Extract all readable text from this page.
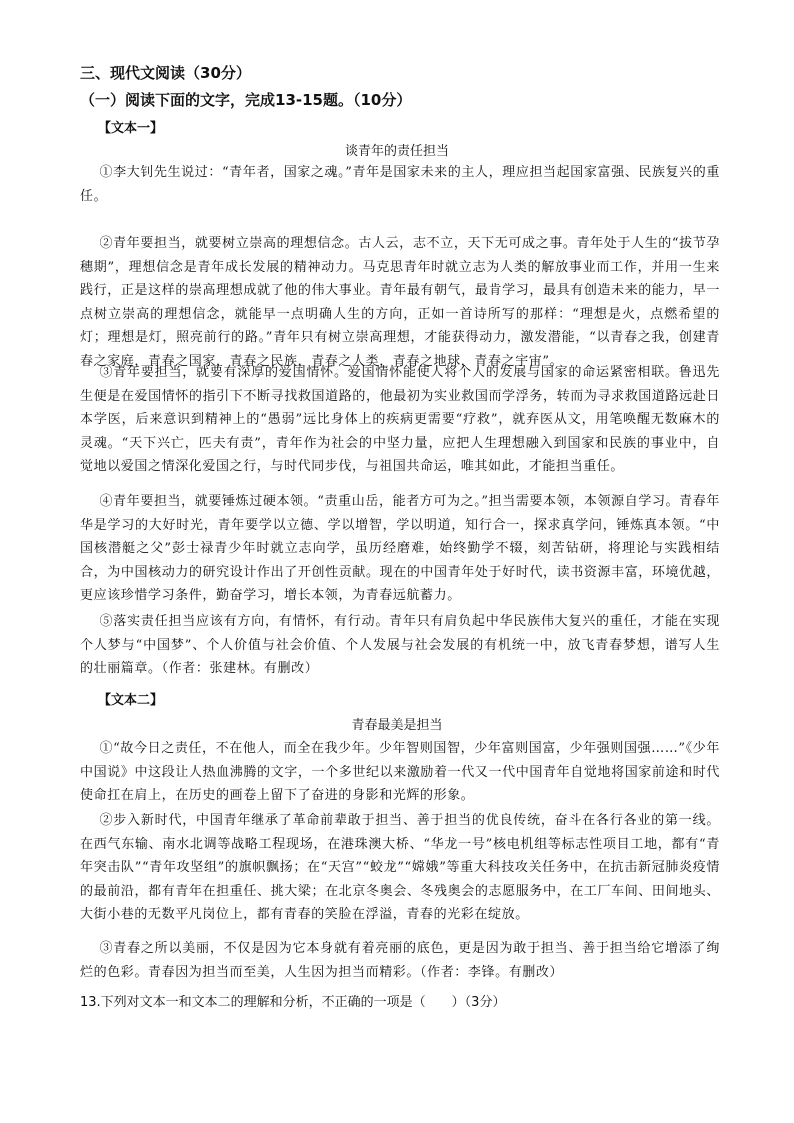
三、现代文阅读（30分）
（一）阅读下面的文字，完成13-15题。（10分）
【文本一】
谈青年的责任担当
①李大钊先生说过：“青年者，国家之魂。”青年是国家未来的主人，理应担当起国家富强、民族复兴的重任。
②青年要担当，就要树立崇高的理想信念。古人云，志不立，天下无可成之事。青年处于人生的“拔节孕穗期”，理想信念是青年成长发展的精神动力。马克思青年时就立志为人类的解放事业而工作，并用一生来践行，正是这样的崇高理想成就了他的伟大事业。青年最有朝气，最肯学习，最具有创造未来的能力，早一点树立崇高的理想信念，就能早一点明确人生的方向，正如一首诗所写的那样：“理想是火，点燃希望的灯；理想是灯，照亮前行的路。”青年只有树立崇高理想，才能获得动力，激发潜能，“以青春之我，创建青春之家庭，青春之国家，青春之民族，青春之人类，青春之地球，青春之宇宙”。
③青年要担当，就要有深厚的爱国情怀。爱国情怀能使人将个人的发展与国家的命运紧密相联。鲁迅先生便是在爱国情怀的指引下不断寻找救国道路的，他最初为实业救国而学浮务，转而为寻求救国道路远赴日本学医，后来意识到精神上的“愚弱”远比身体上的疾病更需要“疗救”，就弃医从文，用笔唤醒无数麻木的灵魂。“天下兴亡，匹夫有责”，青年作为社会的中坚力量，应把人生理想融入到国家和民族的事业中，自觉地以爱国之情深化爱国之行，与时代同步伐，与祖国共命运，唯其如此，才能担当重任。
④青年要担当，就要锤炼过硬本领。“责重山岳，能者方可为之。”担当需要本领，本领源自学习。青春年华是学习的大好时光，青年要学以立德、学以增智，学以明道，知行合一，探求真学问，锤炼真本领。“中国核潜艇之父”彭士禄青少年时就立志向学，虽历经磨难，始终勤学不辍，刻苦钻研，将理论与实践相结合，为中国核动力的研究设计作出了开创性贡献。现在的中国青年处于好时代，读书资源丰富，环境优越，更应该珍惜学习条件，勤奋学习，增长本领，为青春远航蓄力。
⑤落实责任担当应该有方向，有情怀，有行动。青年只有肩负起中华民族伟大复兴的重任，才能在实现个人梦与“中国梦”、个人价值与社会价值、个人发展与社会发展的有机统一中，放飞青春梦想，谱写人生的壮丽篇章。（作者：张建林。有删改）
【文本二】
青春最美是担当
①“故今日之责任，不在他人，而全在我少年。少年智则国智，少年富则国富，少年强则国强……”《少年中国说》中这段让人热血沸腾的文字，一个多世纪以来激励着一代又一代中国青年自觉地将国家前途和时代使命扛在肩上，在历史的画卷上留下了奋进的身影和光辉的形象。
②步入新时代，中国青年继承了革命前辈敢于担当、善于担当的优良传统，奋斗在各行各业的第一线。在西气东输、南水北调等战略工程现场，在港珠澳大桥、“华龙一号”核电机组等标志性项目工地，都有“青年突击队”“青年攻坚组”的旗帜飘扬；在“天宫”“蛟龙”“嫦娥”等重大科技攻关任务中，在抗击新冠肺炎疫情的最前沿，都有青年在担重任、挑大梁；在北京冬奥会、冬残奥会的志愿服务中，在工厂车间、田间地头、大街小巷的无数平凡岗位上，都有青春的笑脸在浮溢，青春的光彩在绽放。
③青春之所以美丽，不仅是因为它本身就有着亮丽的底色，更是因为敢于担当、善于担当给它增添了绚烂的色彩。青春因为担当而至美，人生因为担当而精彩。（作者：李锋。有删改）
13.下列对文本一和文本二的理解和分析，不正确的一项是（　　）（3分）
